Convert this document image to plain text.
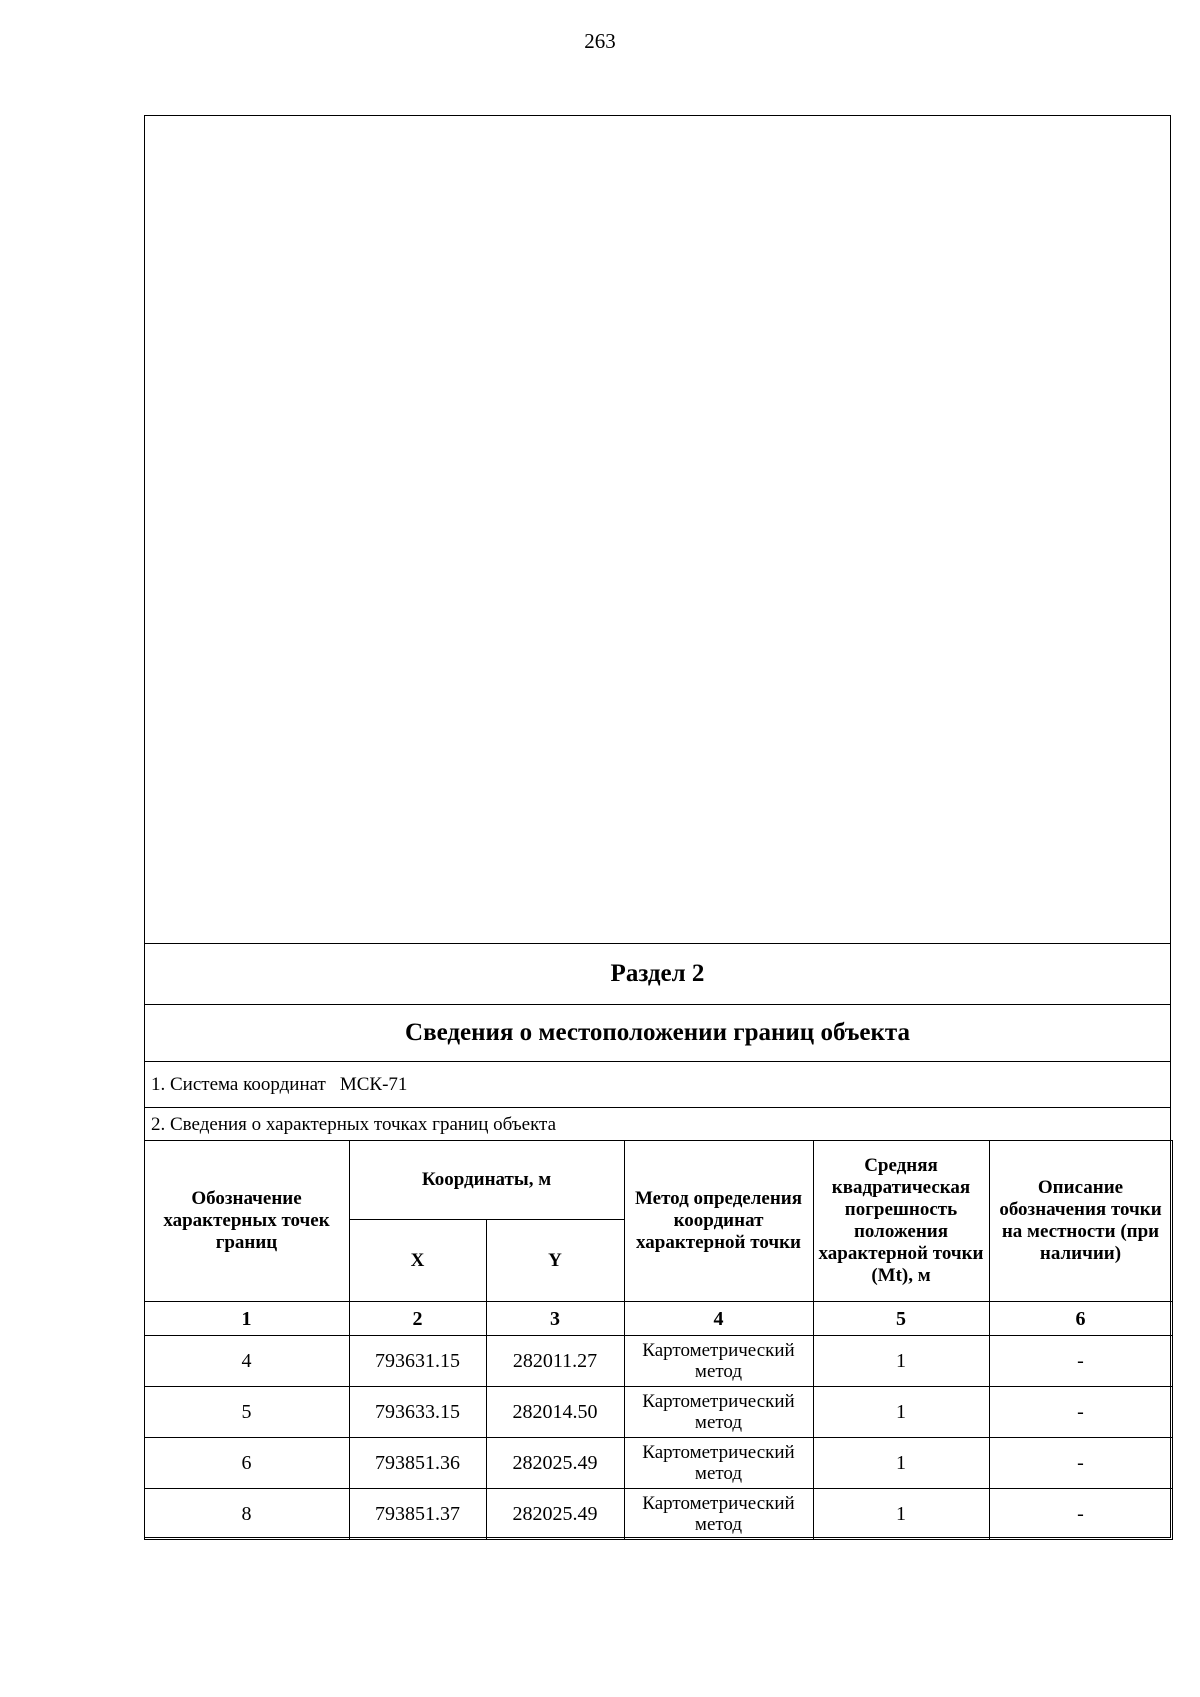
263
Раздел 2
Сведения о местоположении границ объекта
1. Система координат МСК-71
2. Сведения о характерных точках границ объекта
Обозначение характерных точек границ	Координаты, м		Метод определения координат характерной точки	Средняя квадратическая погрешность положения характерной точки (Mt), м	Описание обозначения точки на местности (при наличии)
	X	Y			
1	2	3	4	5	6
4	793631.15	282011.27	Картометрический метод	1	-
5	793633.15	282014.50	Картометрический метод	1	-
6	793851.36	282025.49	Картометрический метод	1	-
8	793851.37	282025.49	Картометрический метод	1	-
